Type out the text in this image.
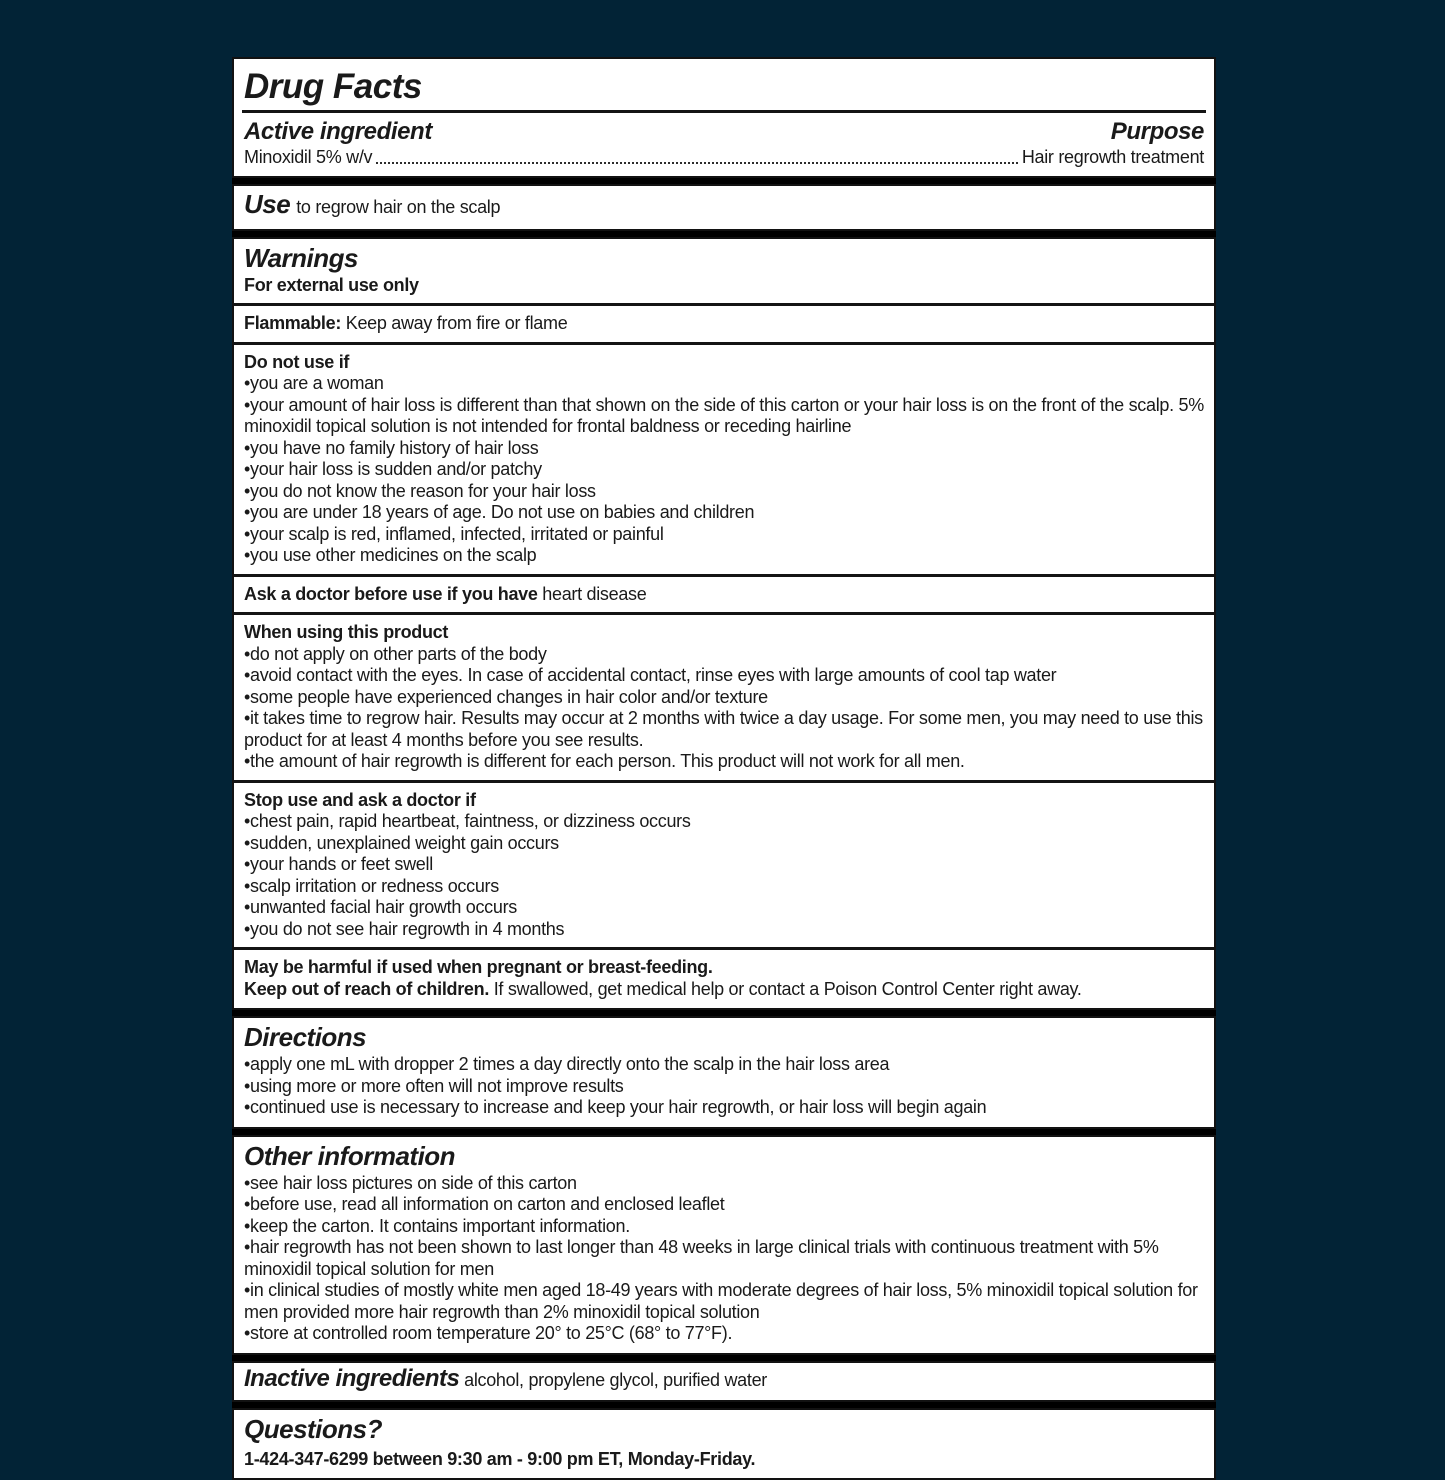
Drug Facts
Active ingredient	Purpose
Minoxidil 5% w/v	Hair regrowth treatment
Use to regrow hair on the scalp
Warnings

For external use only

Flammable: Keep away from fire or flame

Do not use if

• you are a woman
• your amount of hair loss is different than that shown on the side of this carton or your hair loss is on the front of the scalp. 5% minoxidil topical solution is not intended for frontal baldness or receding hairline
• you have no family history of hair loss
• your hair loss is sudden and/or patchy
• you do not know the reason for your hair loss
• you are under 18 years of age. Do not use on babies and children
• your scalp is red, inflamed, infected, irritated or painful
• you use other medicines on the scalp

Ask a doctor before use if you have heart disease

When using this product

• do not apply on other parts of the body
• avoid contact with the eyes. In case of accidental contact, rinse eyes with large amounts of cool tap water
• some people have experienced changes in hair color and/or texture
• it takes time to regrow hair. Results may occur at 2 months with twice a day usage. For some men, you may need to use this product for at least 4 months before you see results.
• the amount of hair regrowth is different for each person. This product will not work for all men.

Stop use and ask a doctor if

• chest pain, rapid heartbeat, faintness, or dizziness occurs
• sudden, unexplained weight gain occurs
• your hands or feet swell
• scalp irritation or redness occurs
• unwanted facial hair growth occurs
• you do not see hair regrowth in 4 months

May be harmful if used when pregnant or breast-feeding.

Keep out of reach of children. If swallowed, get medical help or contact a Poison Control Center right away.

Directions
• apply one mL with dropper 2 times a day directly onto the scalp in the hair loss area
• using more or more often will not improve results
• continued use is necessary to increase and keep your hair regrowth, or hair loss will begin again
Other information
• see hair loss pictures on side of this carton
• before use, read all information on carton and enclosed leaflet
• keep the carton. It contains important information.
• hair regrowth has not been shown to last longer than 48 weeks in large clinical trials with continuous treatment with 5% minoxidil topical solution for men
• in clinical studies of mostly white men aged 18-49 years with moderate degrees of hair loss, 5% minoxidil topical solution for men provided more hair regrowth than 2% minoxidil topical solution
• store at controlled room temperature 20° to 25°C (68° to 77°F).
Inactive ingredients alcohol, propylene glycol, purified water
Questions?

1-424-347-6299 between 9:30 am - 9:00 pm ET, Monday-Friday.
